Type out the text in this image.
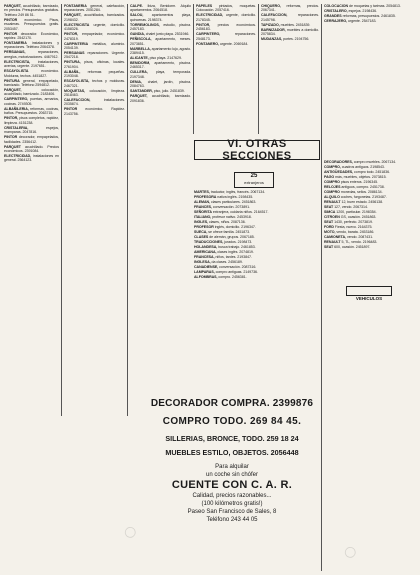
PARQUET, acuchillado, barnizado, en precios. Presupuestos gratuitos. Teléfono 249 86 51.

PINTOR económico. Pisos, escaleras. Presupuestos gratis. 2053457.

PINTOR decorador. Económico, rapidez. 2542170.

FONTANERIA instalaciones y reparaciones. Teléfono 2064378.

PERSIANAS, reparaciones, arreglos, motorizaciones. 4467912.

ELECTRICISTA, instalaciones, averías, urgente. 2197651.

ESCAYOLISTA económico. Molduras, techos. 4451827.

PINTURA general, empapelado, barnizado. Teléfono 2594812.

PARQUET, colocación, acuchillado, barnizado. 2183406.

CARPINTERO, puertas, armarios, cocinas. 2749305.

ALBAÑILERIA, reformas, cocinas, baños. Presupuestos. 2063715.

PINTOR, pisos completos, rapidez, limpieza. 4151238.

CRISTALERIA, espejos, mamparas. 2047816.

PINTOR decorador, empapelados, facilidades. 2356412.

PARQUET acuchillado. Precios económicos. 2391084.

ELECTRICIDAD, instalaciones en general. 2564123.

FONTANERIA general, calefacción, reparaciones. 2051284.

PARQUET, acuchillados, barnizados. 2198432.

ELECTRICISTA urgente, domicilio. 4158326.

PINTOR, empapelador, económico. 2478319.

CARPINTERIA metálica, aluminio. 2054139.

PERSIANAS reparaciones. Urgente. 2547218.

PINTURA, pisos, oficinas, locales. 2761904.

ALBAÑIL, reformas pequeñas. 2193048.

ESCAYOLISTA, techos y molduras. 2467321.

MOQUETAS, colocación, limpieza. 2518463.

CALEFACCION, instalaciones. 2035874.

PINTOR económico. Rapidez. 2143756.

CALPE. Ibiza, Benidorm. Alquilo apartamentos. 2064518.

SALOU, apartamentos playa, quincenas. 2198374.

TORREMOLINOS, estudio, piscina. 2457183.

GANDIA, chalet junto playa. 2531946.

PEÑISCOLA, apartamento, meses. 2073851.

MARBELLA, apartamento lujo, agosto. 2389415.

ALICANTE, piso playa. 2147629.

BENIDORM, apartamento, piscina. 2465317.

CULLERA, playa, temporada. 2197348.

DENIA, chalet, jardín, piscina. 2084763.

SANTANDER, piso, julio. 2451839.

PARQUET, acuchillado, barnizado. 2091836.

PAPELES pintados, moquetas. Colocación. 2057416.

ELECTRICIDAD, urgente, domicilio. 2178345.

PINTOR, precios económicos. 2456183.

CARPINTERO, reparaciones. 2548173.

FONTANERO, urgente. 2069184.

CHIQUERO, reformas, precios. 2067341.

CALEFACCION, reparaciones. 2145798.

TAPIZADO, muebles. 2451839.

BARNIZADOR, muebles a domicilio. 2075834.

MUDANZAS, portes. 2194756.

COLOCACION de moquetas y tarimas. 2054813.

CRISTALERO, espejos. 2198436.

GRANDES reformas, presupuestos. 2461835.

CERRAJERO, urgente. 2547183.

VI. OTRAS SECCIONES
25
extranjeros

MARTES, traductor, inglés, francés. 2067134.

PROFESORA nativa inglés. 2198435.

ALEMAN, clases particulares. 2451863.

FRANCES, conversación. 2073891.

SEÑORITA extranjera, cuidaría niños. 2164517.

ITALIANO, profesor nativo. 2453918.

INGLES, clases, niños. 2087136.

PROFESOR inglés, domicilio. 2196347.

SUECA, se ofrece familia. 2451873.

CLASES de alemán, grupos. 2067185.

TRADUCCIONES, jurados. 2198473.

HOLANDESA, busca trabajo. 2461853.

AMERICANA, clases inglés. 2074819.

FRANCESA, niños, tardes. 2193847.

INGLESA, da clases. 2456189.

CANADIENSE, conversación. 2087316.

LAMPARAS, compro antiguas. 2149736.

ALFOMBRAS, compro. 2456381.

DECORADORES, compro muebles. 2067134.

COMPRO, cuadros antiguos. 2198543.

ANTIGÜEDADES, compro todo. 2451836.

PAGO más, muebles, objetos. 2073815.

COMPRO pisos enteros. 2196345.

RELOJES antiguos, compro. 2451738.

COMPRO monedas, sellos. 2086134.

ALQUILO coches, furgonetas. 2193487.

RENAULT 12, buen estado. 2456138.

SEAT 127, vendo. 2067314.

SIMCA 1200, particular. 2198354.

CITROEN GS, ocasión. 2451863.

SEAT 1430, perfecto. 2073819.

FORD Fiesta, nuevo. 2164375.

MOTO, vendo, barata. 2453186.

CAMIONETA, vendo. 2087431.

RENAULT 5, TL, vendo. 2196483.

SEAT 600, ocasión. 2451897.

VEHICULOS
DECORADOR COMPRA. 2399876
COMPRO TODO. 269 84 45.
SILLERIAS, BRONCE, TODO. 259 18 24
MUEBLES ESTILO, OBJETOS. 2056448
Para alquilar
un coche sin chófer
CUENTE CON C. A. R.
Calidad, precios razonables...
(100 kilómetros gratis!)
Paseo San Francisco de Sales, 8
Teléfono 243 44 05
○
○
